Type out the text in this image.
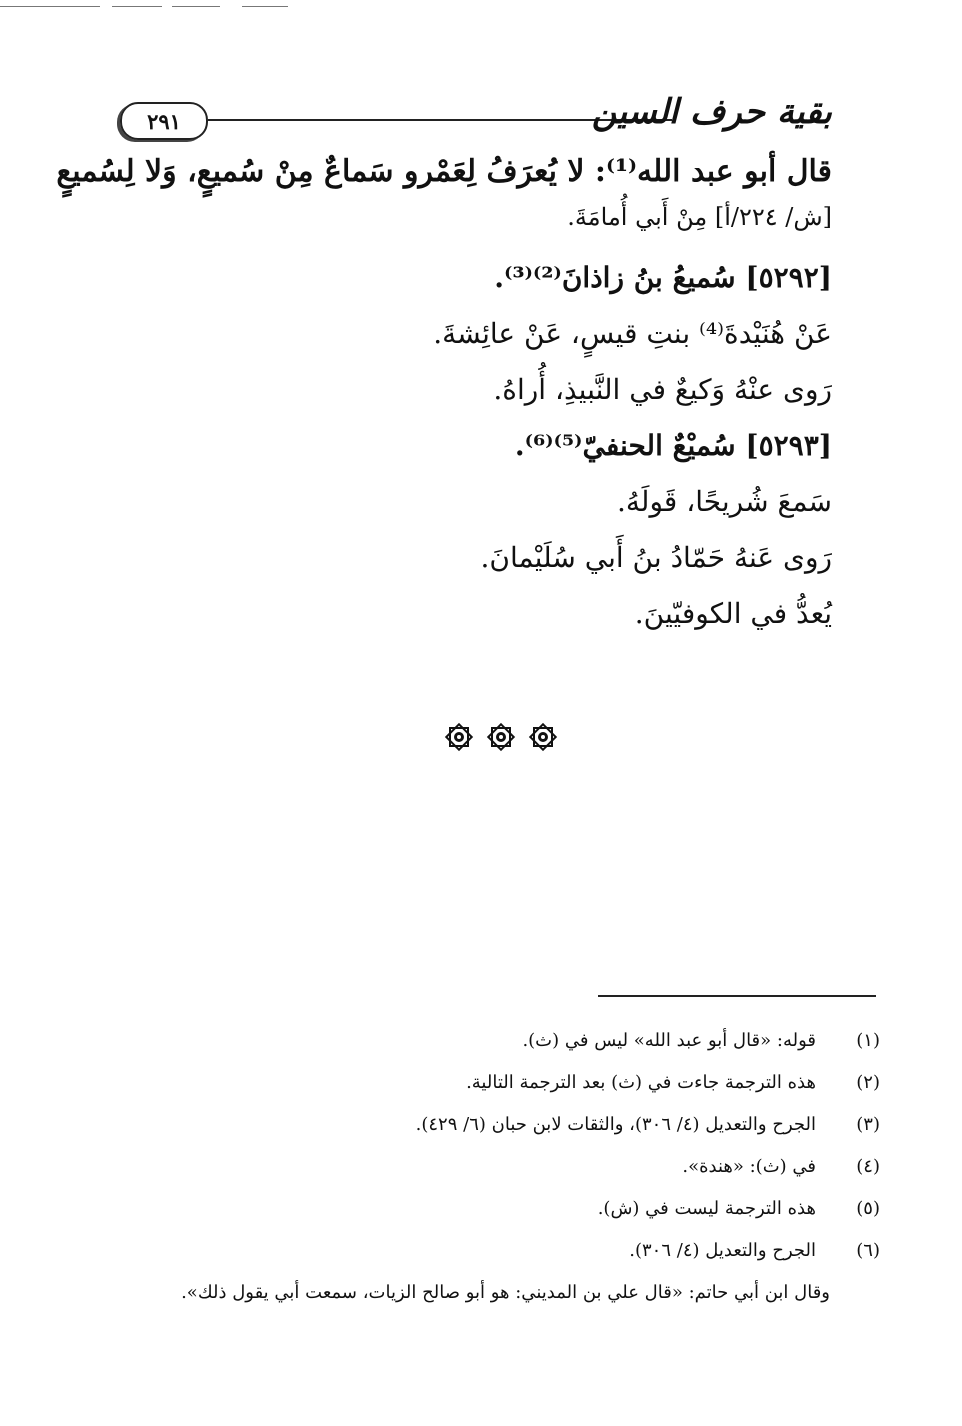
٢٩١	بقية حرف السين
قال أبو عبد الله⁽¹⁾: لا يُعرَفُ لِعَمْرو سَماعٌ مِنْ سُميعٍ، وَلا لِسُميعٍ
[ش/ ٢٢٤/أ] مِنْ أَبي أُمامَةَ.
[٥٢٩٢] سُميعُ بنُ زاذانَ⁽²⁾⁽³⁾.
عَنْ هُنَيْدةَ⁽⁴⁾ بنتِ قيسٍ، عَنْ عائِشةَ.
رَوى عنْهُ وَكيعٌ في النَّبيذِ، أُراهُ.
[٥٢٩٣] سُميْعٌ الحنفيّ⁽⁵⁾⁽⁶⁾.
سَمعَ شُريحًا، قَولَهُ.
رَوى عَنهُ حَمّادُ بنُ أَبي سُلَيْمانَ.
يُعدُّ في الكوفيّينَ.
(١)قوله: «قال أبو عبد الله» ليس في (ث).
(٢)هذه الترجمة جاءت في (ث) بعد الترجمة التالية.
(٣)الجرح والتعديل (٤/ ٣٠٦)، والثقات لابن حبان (٦/ ٤٢٩).
(٤)في (ث): «هندة».
(٥)هذه الترجمة ليست في (ش).
(٦)الجرح والتعديل (٤/ ٣٠٦).
وقال ابن أبي حاتم: «قال علي بن المديني: هو أبو صالح الزيات، سمعت أبي يقول ذلك».
